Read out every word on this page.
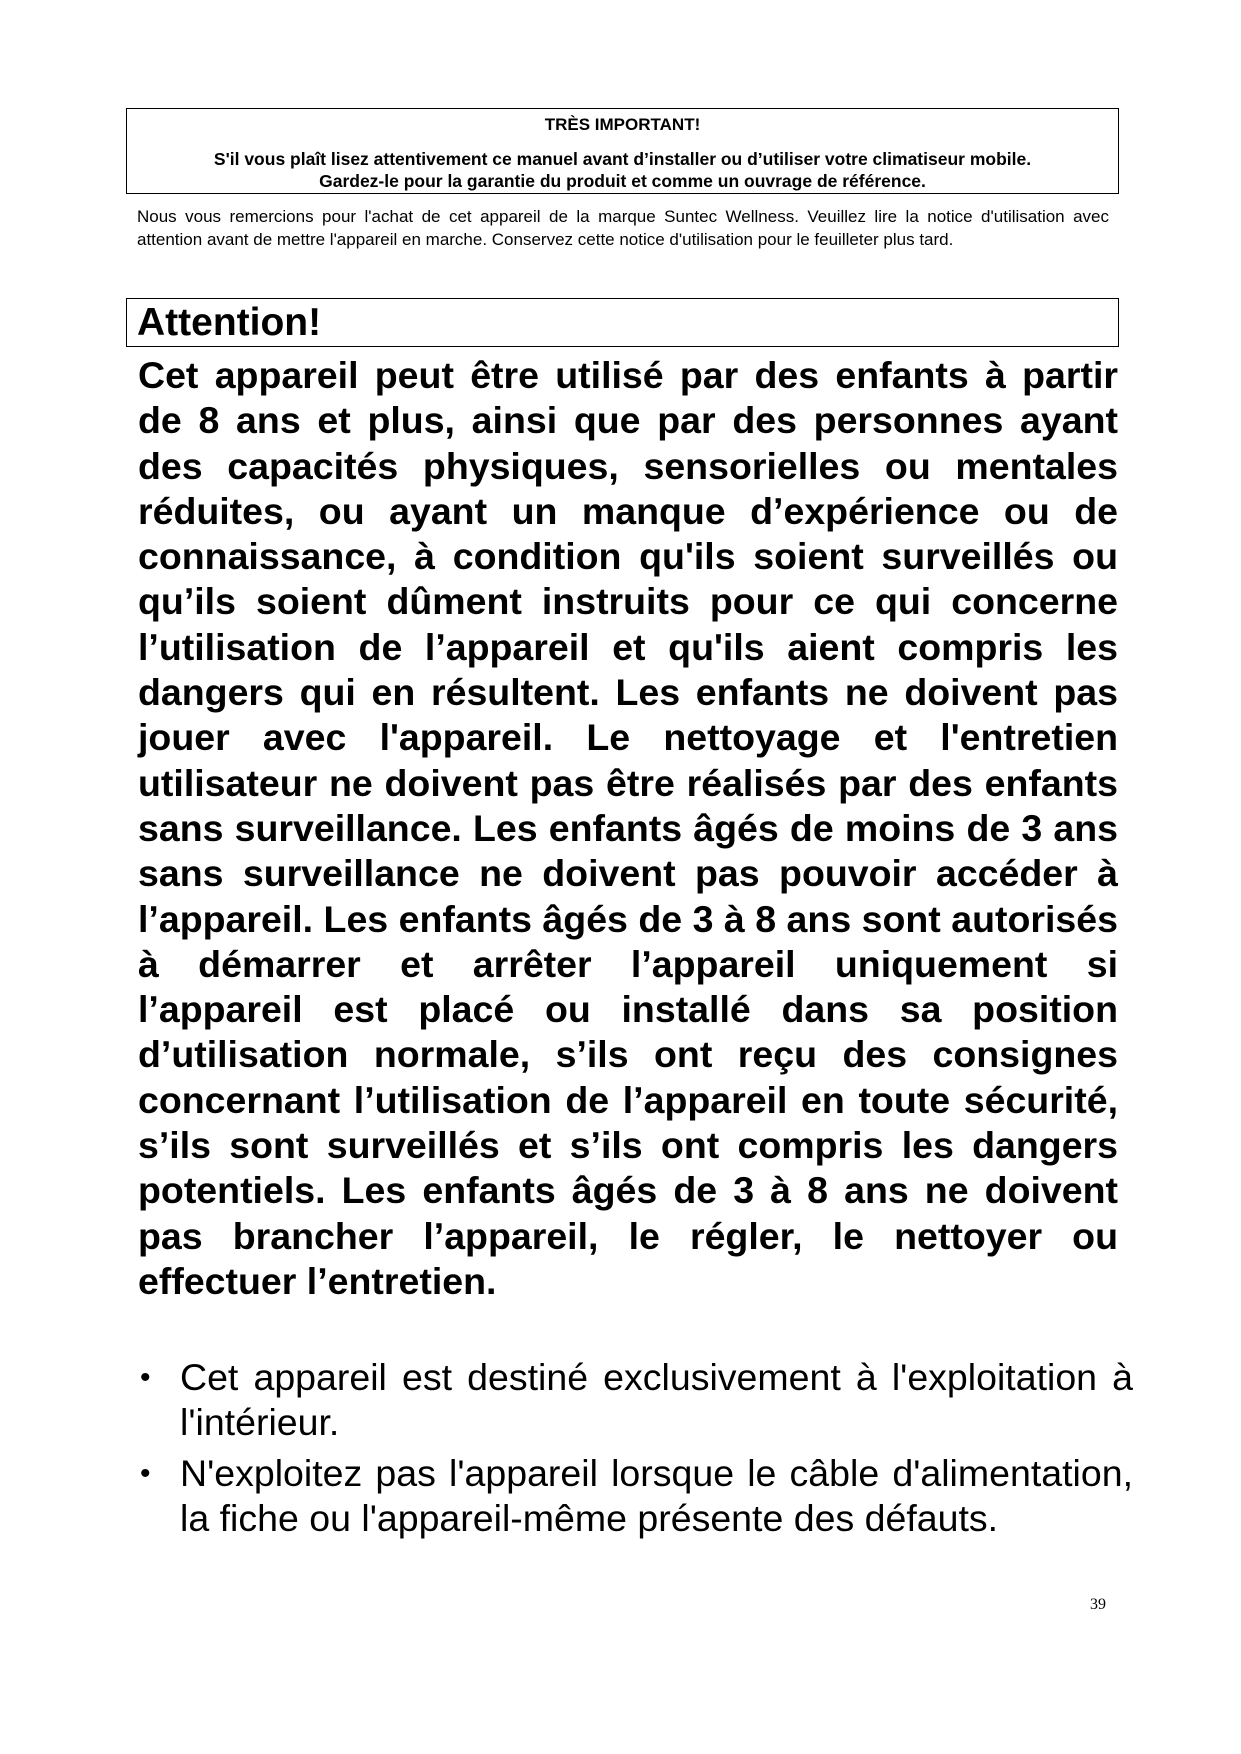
TRÈS IMPORTANT!
S'il vous plaît lisez attentivement ce manuel avant d’installer ou d’utiliser votre climatiseur mobile.
Gardez-le pour la garantie du produit et comme un ouvrage de référence.

Nous vous remercions pour l'achat de cet appareil de la marque Suntec Wellness. Veuillez lire la notice d'utilisation avec attention avant de mettre l'appareil en marche. Conservez cette notice d'utilisation pour le feuilleter plus tard.

Attention!

Cet appareil peut être utilisé par des enfants à partir de 8 ans et plus, ainsi que par des personnes ayant des capacités physiques, sensorielles ou mentales réduites, ou ayant un manque d’expérience ou de connaissance, à condition qu'ils soient surveillés ou qu’ils soient dûment instruits pour ce qui concerne l’utilisation de l’appareil et qu'ils aient compris les dangers qui en résultent. Les enfants ne doivent pas jouer avec l'appareil. Le nettoyage et l'entretien utilisateur ne doivent pas être réalisés par des enfants sans surveillance. Les enfants âgés de moins de 3 ans sans surveillance ne doivent pas pouvoir accéder à l’appareil. Les enfants âgés de 3 à 8 ans sont autorisés à démarrer et arrêter l’appareil uniquement si l’appareil est placé ou installé dans sa position d’utilisation normale, s’ils ont reçu des consignes concernant l’utilisation de l’appareil en toute sécurité, s’ils sont surveillés et s’ils ont compris les dangers potentiels. Les enfants âgés de 3 à 8 ans ne doivent pas brancher l’appareil, le régler, le nettoyer ou effectuer l’entretien.

• Cet appareil est destiné exclusivement à l'exploitation à l'intérieur.
• N'exploitez pas l'appareil lorsque le câble d'alimentation, la fiche ou l'appareil-même présente des défauts.
39
